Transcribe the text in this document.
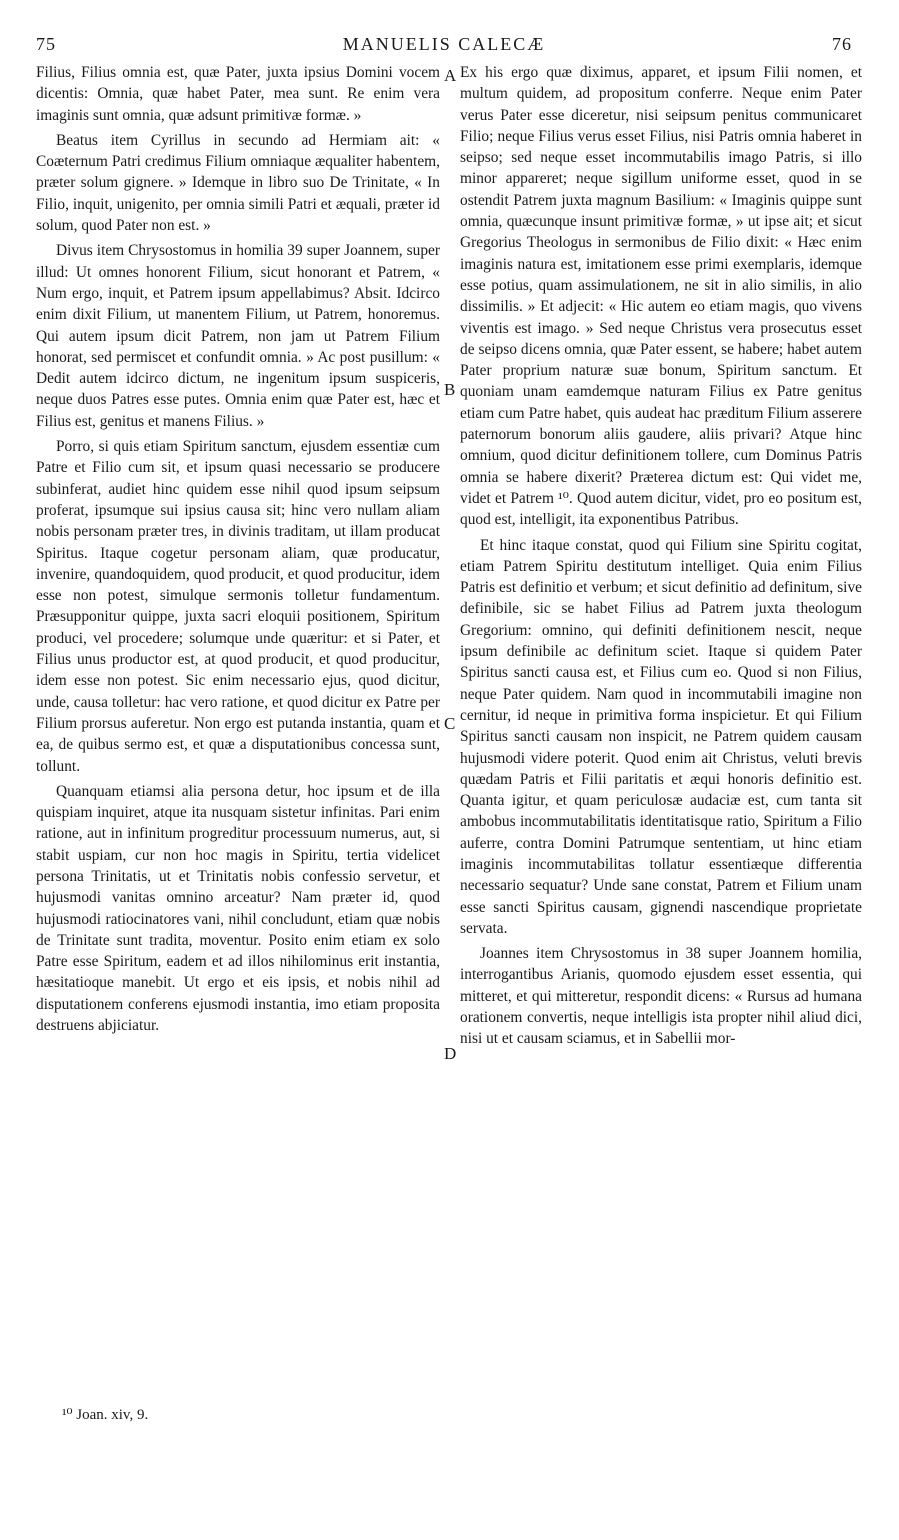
75	MANUELIS CALECÆ	76

Filius, Filius omnia est, quæ Pater, juxta ipsius Domini vocem dicentis: Omnia, quæ habet Pater, mea sunt. Re enim vera imaginis sunt omnia, quæ adsunt primitivæ formæ. »

Beatus item Cyrillus in secundo ad Hermiam ait: « Coæternum Patri credimus Filium omniaque æqualiter habentem, præter solum gignere. » Idemque in libro suo De Trinitate, « In Filio, inquit, unigenito, per omnia simili Patri et æquali, præter id solum, quod Pater non est. »

Divus item Chrysostomus in homilia 39 super Joannem, super illud: Ut omnes honorent Filium, sicut honorant et Patrem, « Num ergo, inquit, et Patrem ipsum appellabimus? Absit. Idcirco enim dixit Filium, ut manentem Filium, ut Patrem, honoremus. Qui autem ipsum dicit Patrem, non jam ut Patrem Filium honorat, sed permiscet et confundit omnia. » Ac post pusillum: « Dedit autem idcirco dictum, ne ingenitum ipsum suspiceris, neque duos Patres esse putes. Omnia enim quæ Pater est, hæc et Filius est, genitus et manens Filius. »

Porro, si quis etiam Spiritum sanctum, ejusdem essentiæ cum Patre et Filio cum sit, et ipsum quasi necessario se producere subinferat, audiet hinc quidem esse nihil quod ipsum seipsum proferat, ipsumque sui ipsius causa sit; hinc vero nullam aliam nobis personam præter tres, in divinis traditam, ut illam producat Spiritus. Itaque cogetur personam aliam, quæ producatur, invenire, quandoquidem, quod producit, et quod producitur, idem esse non potest, simulque sermonis tolletur fundamentum. Præsupponitur quippe, juxta sacri eloquii positionem, Spiritum produci, vel procedere; solumque unde quæritur: et si Pater, et Filius unus productor est, at quod producit, et quod producitur, idem esse non potest. Sic enim necessario ejus, quod dicitur, unde, causa tolletur: hac vero ratione, et quod dicitur ex Patre per Filium prorsus auferetur. Non ergo est putanda instantia, quam et ea, de quibus sermo est, et quæ a disputationibus concessa sunt, tollunt.

Quanquam etiamsi alia persona detur, hoc ipsum et de illa quispiam inquiret, atque ita nusquam sistetur infinitas. Pari enim ratione, aut in infinitum progreditur processuum numerus, aut, si stabit uspiam, cur non hoc magis in Spiritu, tertia videlicet persona Trinitatis, ut et Trinitatis nobis confessio servetur, et hujusmodi vanitas omnino arceatur? Nam præter id, quod hujusmodi ratiocinatores vani, nihil concludunt, etiam quæ nobis de Trinitate sunt tradita, moventur. Posito enim etiam ex solo Patre esse Spiritum, eadem et ad illos nihilominus erit instantia, hæsitatioque manebit. Ut ergo et eis ipsis, et nobis nihil ad disputationem conferens ejusmodi instantia, imo etiam proposita destruens abjiciatur.

A
B
C
D

Ex his ergo quæ diximus, apparet, et ipsum Filii nomen, et multum quidem, ad propositum conferre. Neque enim Pater verus Pater esse diceretur, nisi seipsum penitus communicaret Filio; neque Filius verus esset Filius, nisi Patris omnia haberet in seipso; sed neque esset incommutabilis imago Patris, si illo minor appareret; neque sigillum uniforme esset, quod in se ostendit Patrem juxta magnum Basilium: « Imaginis quippe sunt omnia, quæcunque insunt primitivæ formæ, » ut ipse ait; et sicut Gregorius Theologus in sermonibus de Filio dixit: « Hæc enim imaginis natura est, imitationem esse primi exemplaris, idemque esse potius, quam assimulationem, ne sit in alio similis, in alio dissimilis. » Et adjecit: « Hic autem eo etiam magis, quo vivens viventis est imago. » Sed neque Christus vera prosecutus esset de seipso dicens omnia, quæ Pater essent, se habere; habet autem Pater proprium naturæ suæ bonum, Spiritum sanctum. Et quoniam unam eamdemque naturam Filius ex Patre genitus etiam cum Patre habet, quis audeat hac præditum Filium asserere paternorum bonorum aliis gaudere, aliis privari? Atque hinc omnium, quod dicitur definitionem tollere, cum Dominus Patris omnia se habere dixerit? Præterea dictum est: Qui videt me, videt et Patrem ¹⁰. Quod autem dicitur, videt, pro eo positum est, quod est, intelligit, ita exponentibus Patribus.

Et hinc itaque constat, quod qui Filium sine Spiritu cogitat, etiam Patrem Spiritu destitutum intelliget. Quia enim Filius Patris est definitio et verbum; et sicut definitio ad definitum, sive definibile, sic se habet Filius ad Patrem juxta theologum Gregorium: omnino, qui definiti definitionem nescit, neque ipsum definibile ac definitum sciet. Itaque si quidem Pater Spiritus sancti causa est, et Filius cum eo. Quod si non Filius, neque Pater quidem. Nam quod in incommutabili imagine non cernitur, id neque in primitiva forma inspicietur. Et qui Filium Spiritus sancti causam non inspicit, ne Patrem quidem causam hujusmodi videre poterit. Quod enim ait Christus, veluti brevis quædam Patris et Filii paritatis et æqui honoris definitio est. Quanta igitur, et quam periculosæ audaciæ est, cum tanta sit ambobus incommutabilitatis identitatisque ratio, Spiritum a Filio auferre, contra Domini Patrumque sententiam, ut hinc etiam imaginis incommutabilitas tollatur essentiæque differentia necessario sequatur? Unde sane constat, Patrem et Filium unam esse sancti Spiritus causam, gignendi nascendique proprietate servata.

Joannes item Chrysostomus in 38 super Joannem homilia, interrogantibus Arianis, quomodo ejusdem esset essentia, qui mitteret, et qui mitteretur, respondit dicens: « Rursus ad humana orationem convertis, neque intelligis ista propter nihil aliud dici, nisi ut et causam sciamus, et in Sabellii mor-

¹⁰ Joan. xiv, 9.
